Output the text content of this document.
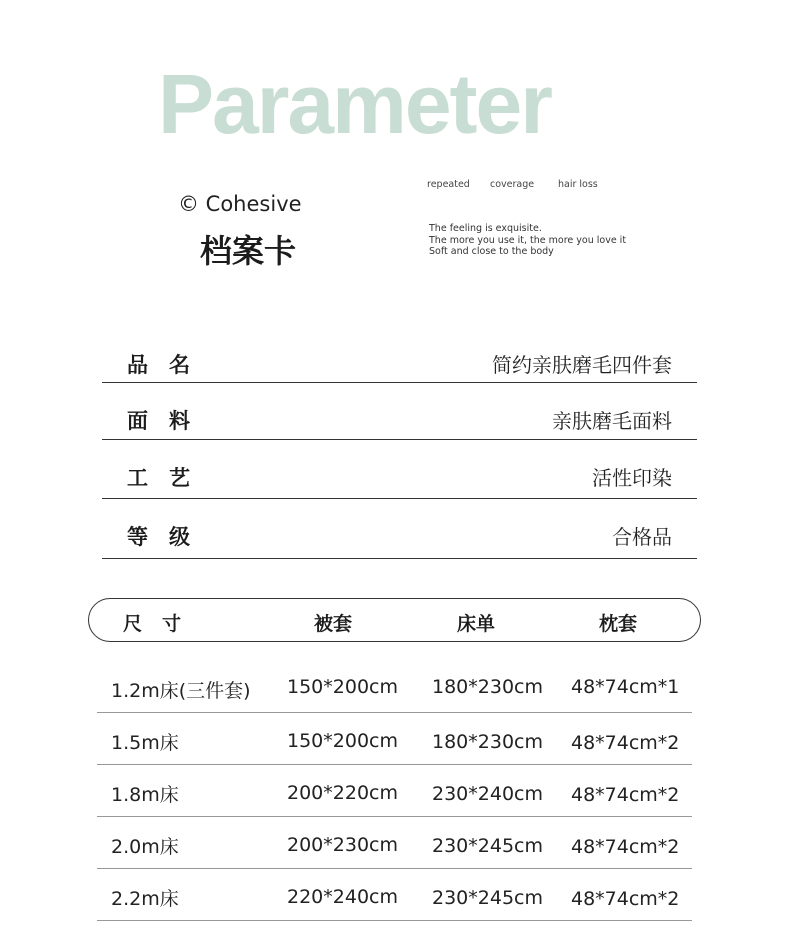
Parameter
© Cohesive
档案卡
repeated coverage	hair loss
The feeling is exquisite.
The more you use it, the more you love it
Soft and close to the body
品名	简约亲肤磨毛四件套
面料	亲肤磨毛面料
工艺	活性印染
等级	合格品
尺寸	被套	床单	枕套
1.2m床(三件套) 150*200cm 180*230cm 48*74cm*1
1.5m床	150*200cm 180*230cm 48*74cm*2
1.8m床	200*220cm 230*240cm 48*74cm*2
2.0m床	200*230cm 230*245cm 48*74cm*2
2.2m床	220*240cm 230*245cm 48*74cm*2
